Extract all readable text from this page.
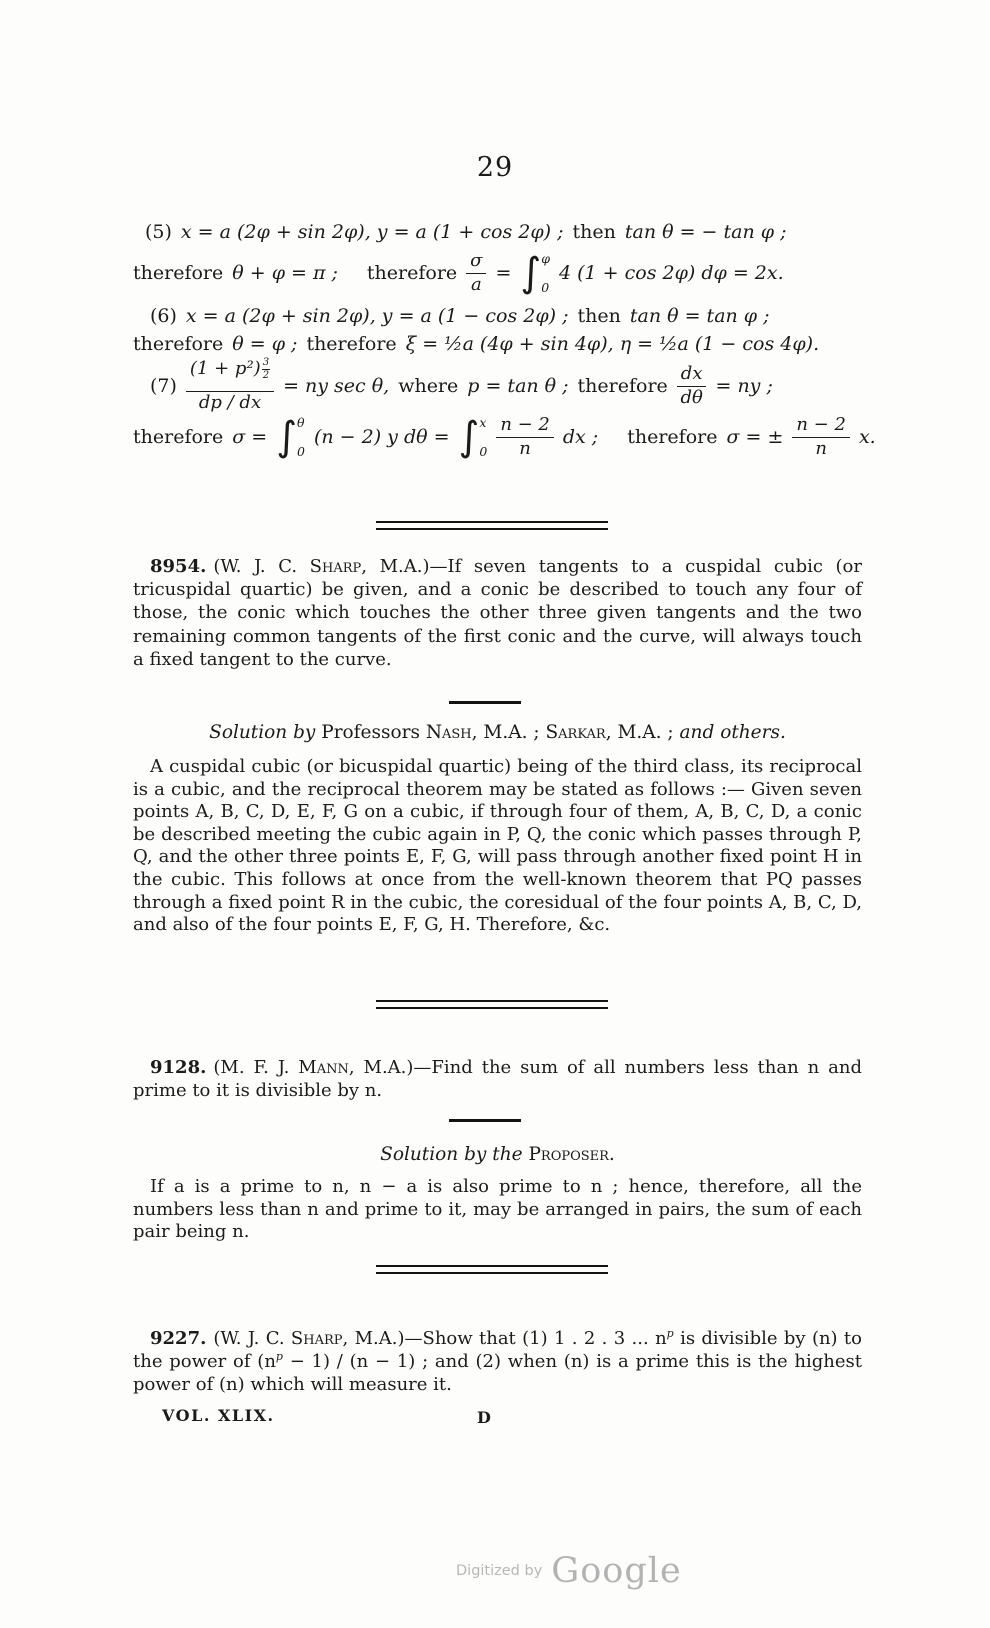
29
(5) x = a (2φ + sin 2φ), y = a (1 + cos 2φ) ; then tan θ = − tan φ ;
therefore θ + φ = π ; therefore $\frac{\sigma}{a}$ = ∫ φ
0
4 (1 + cos 2φ) dφ = 2x.
(6) x = a (2φ + sin 2φ), y = a (1 − cos 2φ) ; then tan θ = tan φ ;
therefore θ = φ ; therefore ξ = ½a (4φ + sin 4φ), η = ½a (1 − cos 4φ).
$(7) \frac{(1 + p^2) \frac{3}{2}}{dp / dx}$ = ny sec θ, where p = tan θ ; therefore $\frac{dx}{d\theta}$ = ny ;
therefore σ = ∫ θ
0
(n − 2) y dθ = ∫ x
$0 \frac{n - 2}{n}$ dx ; therefore σ = ± $\frac{n - 2}{n} x$.

8954. (W. J. C. Sharp, M.A.)—If seven tangents to a cuspidal cubic (or tricuspidal quartic) be given, and a conic be described to touch any four of those, the conic which touches the other three given tangents and the two remaining common tangents of the first conic and the curve, will always touch a fixed tangent to the curve.

Solution by Professors Nash, M.A. ; Sarkar, M.A. ; and others.

A cuspidal cubic (or bicuspidal quartic) being of the third class, its reciprocal is a cubic, and the reciprocal theorem may be stated as follows :— Given seven points A, B, C, D, E, F, G on a cubic, if through four of them, A, B, C, D, a conic be described meeting the cubic again in P, Q, the conic which passes through P, Q, and the other three points E, F, G, will pass through another fixed point H in the cubic. This follows at once from the well-known theorem that PQ passes through a fixed point R in the cubic, the coresidual of the four points A, B, C, D, and also of the four points E, F, G, H. Therefore, &c.

9128. (M. F. J. Mann, M.A.)—Find the sum of all numbers less than n and prime to it is divisible by n.

Solution by the Proposer.

If a is a prime to n, n − a is also prime to n ; hence, therefore, all the numbers less than n and prime to it, may be arranged in pairs, the sum of each pair being n.

9227. (W. J. C. Sharp, M.A.)—Show that (1) 1 . 2 . 3 ... $n^p$ is divisible by (n) to the power of $(n^p - 1) / (n - 1)$ ; and (2) when (n) is a prime this is the highest power of (n) which will measure it.

VOL. XLIX.	D
Digitized by Google
